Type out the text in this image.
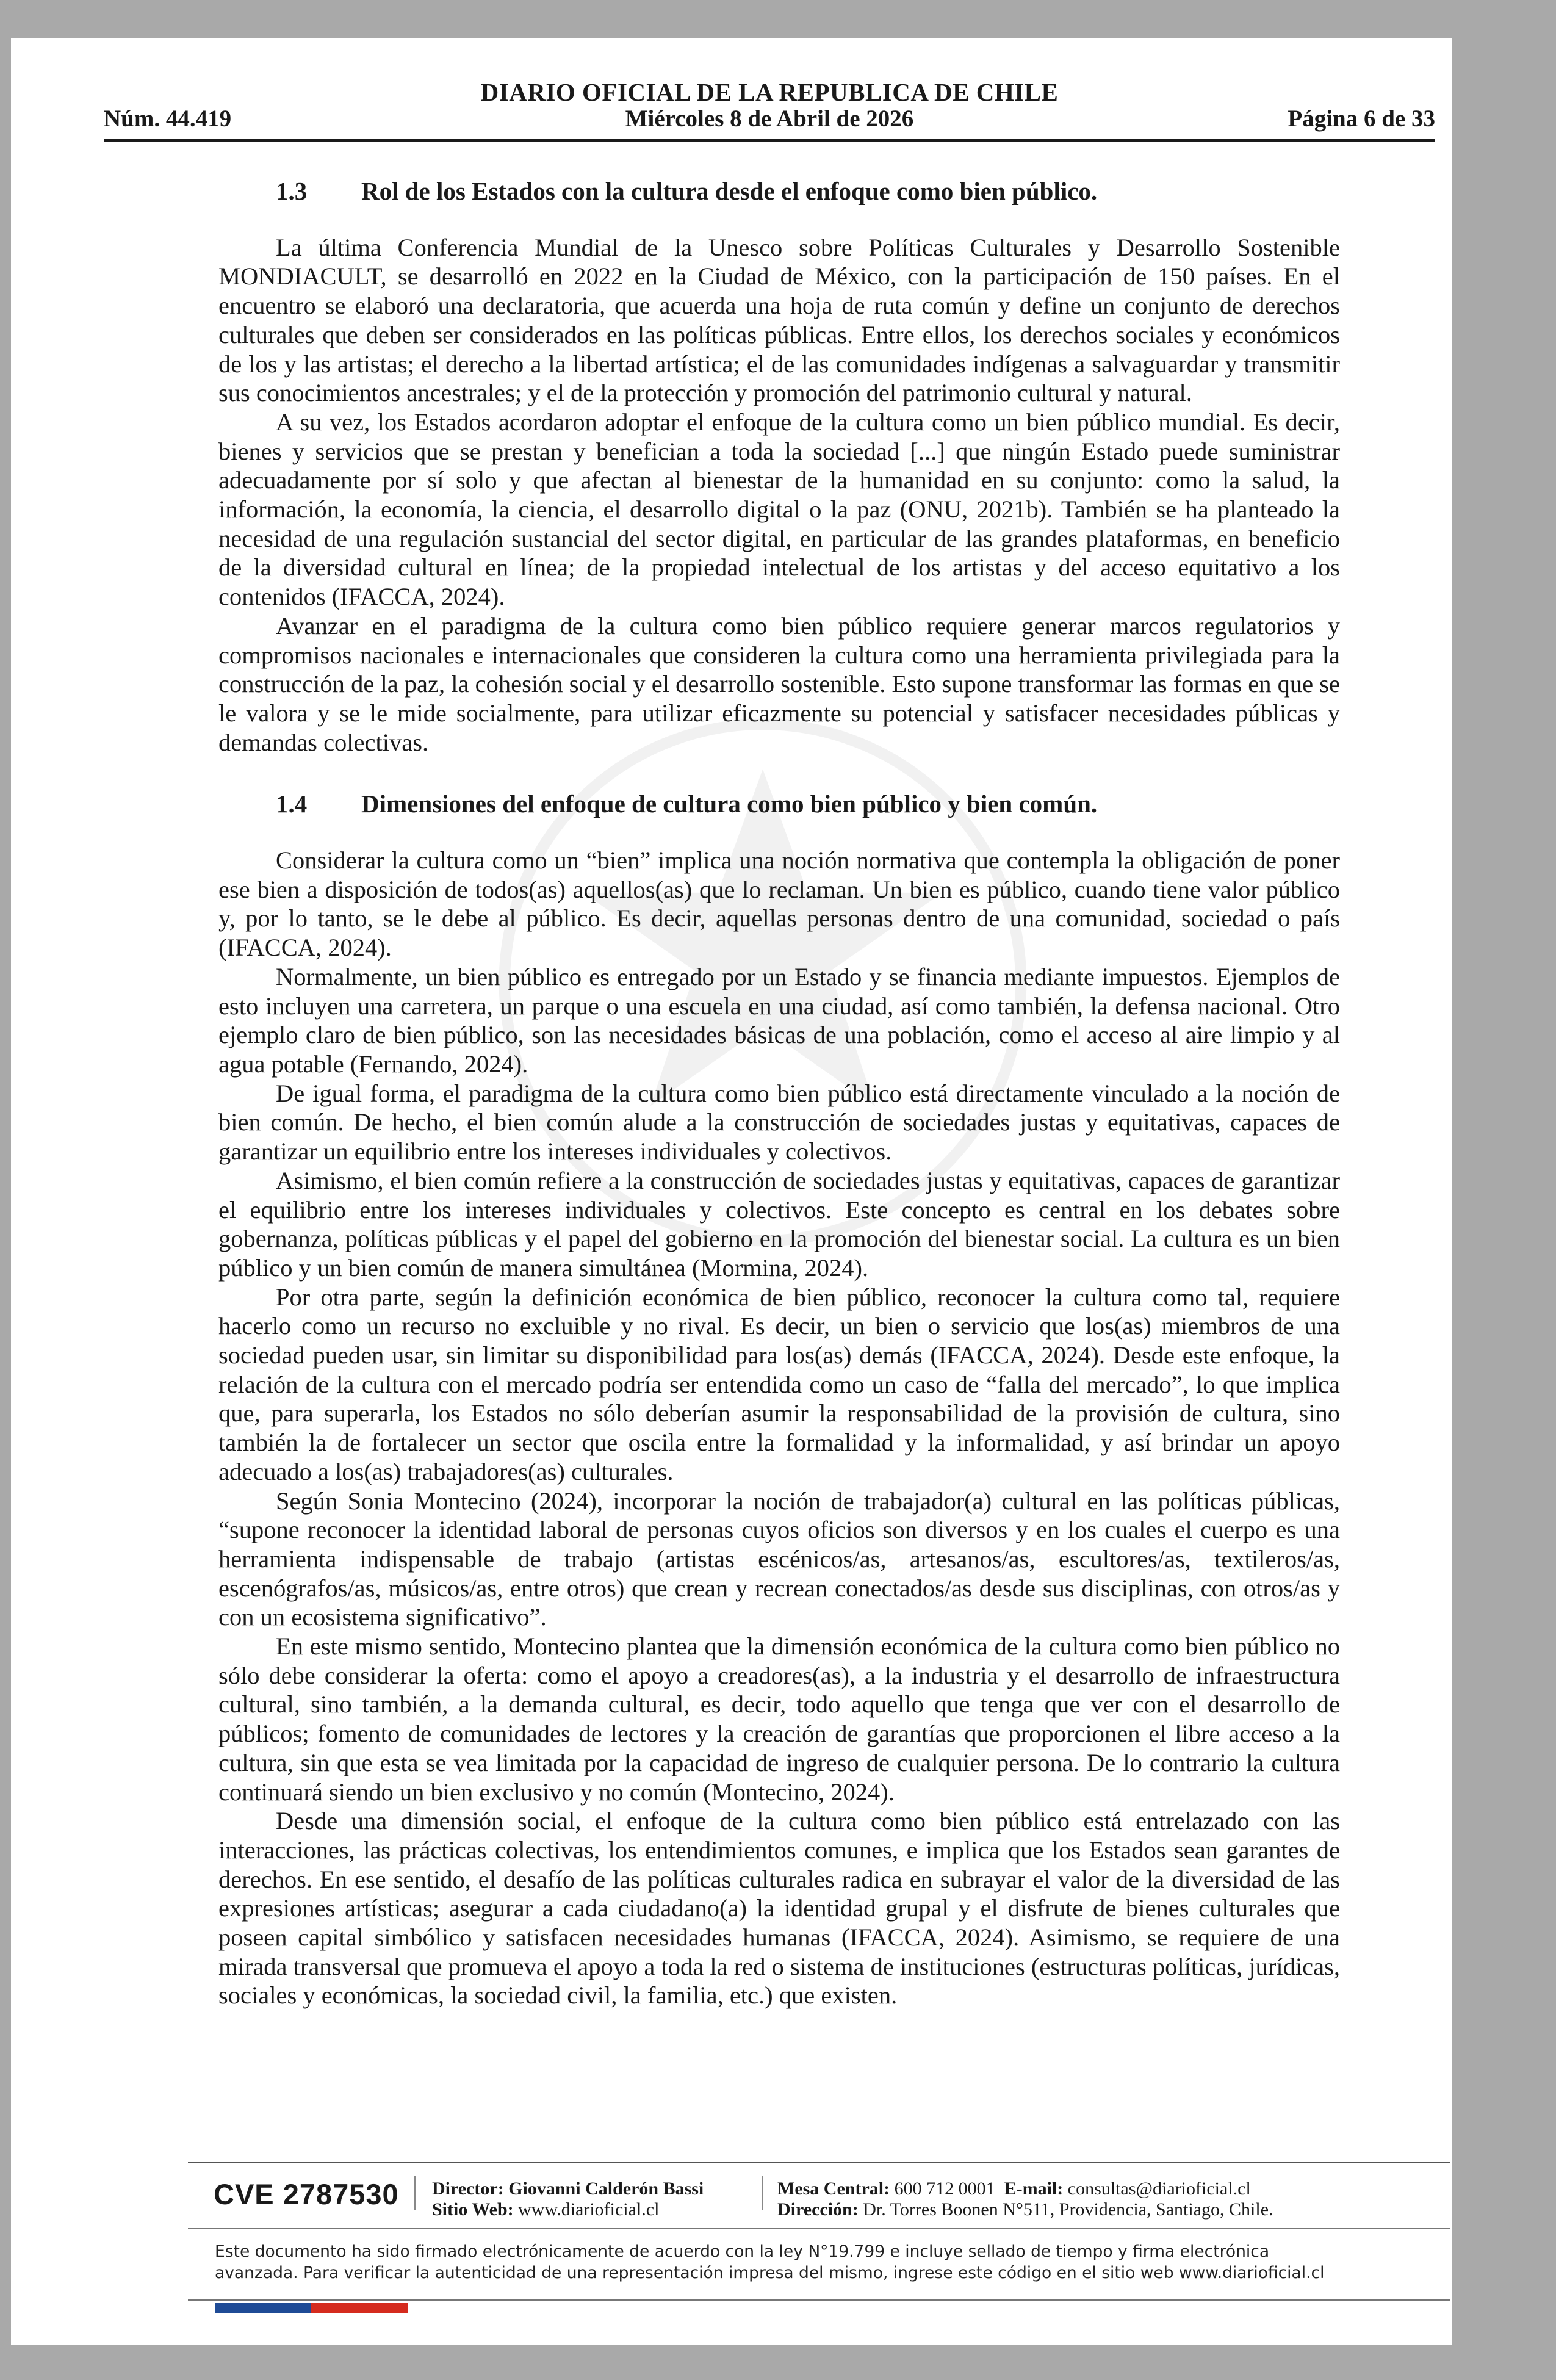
DIARIO OFICIAL DE LA REPUBLICA DE CHILE
Núm. 44.419	Miércoles 8 de Abril de 2026	Página 6 de 33
1.3	Rol de los Estados con la cultura desde el enfoque como bien público.

La última Conferencia Mundial de la Unesco sobre Políticas Culturales y Desarrollo Sostenible MONDIACULT, se desarrolló en 2022 en la Ciudad de México, con la participación de 150 países. En el encuentro se elaboró una declaratoria, que acuerda una hoja de ruta común y define un conjunto de derechos culturales que deben ser considerados en las políticas públicas. Entre ellos, los derechos sociales y económicos de los y las artistas; el derecho a la libertad artística; el de las comunidades indígenas a salvaguardar y transmitir sus conocimientos ancestrales; y el de la protección y promoción del patrimonio cultural y natural.

A su vez, los Estados acordaron adoptar el enfoque de la cultura como un bien público mundial. Es decir, bienes y servicios que se prestan y benefician a toda la sociedad [...] que ningún Estado puede suministrar adecuadamente por sí solo y que afectan al bienestar de la humanidad en su conjunto: como la salud, la información, la economía, la ciencia, el desarrollo digital o la paz (ONU, 2021b). También se ha planteado la necesidad de una regulación sustancial del sector digital, en particular de las grandes plataformas, en beneficio de la diversidad cultural en línea; de la propiedad intelectual de los artistas y del acceso equitativo a los contenidos (IFACCA, 2024).

Avanzar en el paradigma de la cultura como bien público requiere generar marcos regulatorios y compromisos nacionales e internacionales que consideren la cultura como una herramienta privilegiada para la construcción de la paz, la cohesión social y el desarrollo sostenible. Esto supone transformar las formas en que se le valora y se le mide socialmente, para utilizar eficazmente su potencial y satisfacer necesidades públicas y demandas colectivas.

1.4	Dimensiones del enfoque de cultura como bien público y bien común.

Considerar la cultura como un “bien” implica una noción normativa que contempla la obligación de poner ese bien a disposición de todos(as) aquellos(as) que lo reclaman. Un bien es público, cuando tiene valor público y, por lo tanto, se le debe al público. Es decir, aquellas personas dentro de una comunidad, sociedad o país (IFACCA, 2024).

Normalmente, un bien público es entregado por un Estado y se financia mediante impuestos. Ejemplos de esto incluyen una carretera, un parque o una escuela en una ciudad, así como también, la defensa nacional. Otro ejemplo claro de bien público, son las necesidades básicas de una población, como el acceso al aire limpio y al agua potable (Fernando, 2024).

De igual forma, el paradigma de la cultura como bien público está directamente vinculado a la noción de bien común. De hecho, el bien común alude a la construcción de sociedades justas y equitativas, capaces de garantizar un equilibrio entre los intereses individuales y colectivos.

Asimismo, el bien común refiere a la construcción de sociedades justas y equitativas, capaces de garantizar el equilibrio entre los intereses individuales y colectivos. Este concepto es central en los debates sobre gobernanza, políticas públicas y el papel del gobierno en la promoción del bienestar social. La cultura es un bien público y un bien común de manera simultánea (Mormina, 2024).

Por otra parte, según la definición económica de bien público, reconocer la cultura como tal, requiere hacerlo como un recurso no excluible y no rival. Es decir, un bien o servicio que los(as) miembros de una sociedad pueden usar, sin limitar su disponibilidad para los(as) demás (IFACCA, 2024). Desde este enfoque, la relación de la cultura con el mercado podría ser entendida como un caso de “falla del mercado”, lo que implica que, para superarla, los Estados no sólo deberían asumir la responsabilidad de la provisión de cultura, sino también la de fortalecer un sector que oscila entre la formalidad y la informalidad, y así brindar un apoyo adecuado a los(as) trabajadores(as) culturales.

Según Sonia Montecino (2024), incorporar la noción de trabajador(a) cultural en las políticas públicas, “supone reconocer la identidad laboral de personas cuyos oficios son diversos y en los cuales el cuerpo es una herramienta indispensable de trabajo (artistas escénicos/as, artesanos/as, escultores/as, textileros/as, escenógrafos/as, músicos/as, entre otros) que crean y recrean conectados/as desde sus disciplinas, con otros/as y con un ecosistema significativo”.

En este mismo sentido, Montecino plantea que la dimensión económica de la cultura como bien público no sólo debe considerar la oferta: como el apoyo a creadores(as), a la industria y el desarrollo de infraestructura cultural, sino también, a la demanda cultural, es decir, todo aquello que tenga que ver con el desarrollo de públicos; fomento de comunidades de lectores y la creación de garantías que proporcionen el libre acceso a la cultura, sin que esta se vea limitada por la capacidad de ingreso de cualquier persona. De lo contrario la cultura continuará siendo un bien exclusivo y no común (Montecino, 2024).

Desde una dimensión social, el enfoque de la cultura como bien público está entrelazado con las interacciones, las prácticas colectivas, los entendimientos comunes, e implica que los Estados sean garantes de derechos. En ese sentido, el desafío de las políticas culturales radica en subrayar el valor de la diversidad de las expresiones artísticas; asegurar a cada ciudadano(a) la identidad grupal y el disfrute de bienes culturales que poseen capital simbólico y satisfacen necesidades humanas (IFACCA, 2024). Asimismo, se requiere de una mirada transversal que promueva el apoyo a toda la red o sistema de instituciones (estructuras políticas, jurídicas, sociales y económicas, la sociedad civil, la familia, etc.) que existen.

CVE 2787530 Director: Giovanni Calderón Bassi
Sitio Web: www.diarioficial.cl
Mesa Central: 600 712 0001 E-mail: consultas@diarioficial.cl
Dirección: Dr. Torres Boonen N°511, Providencia, Santiago, Chile.
Este documento ha sido firmado electrónicamente de acuerdo con la ley N°19.799 e incluye sellado de tiempo y firma electrónica
avanzada. Para verificar la autenticidad de una representación impresa del mismo, ingrese este código en el sitio web www.diarioficial.cl
